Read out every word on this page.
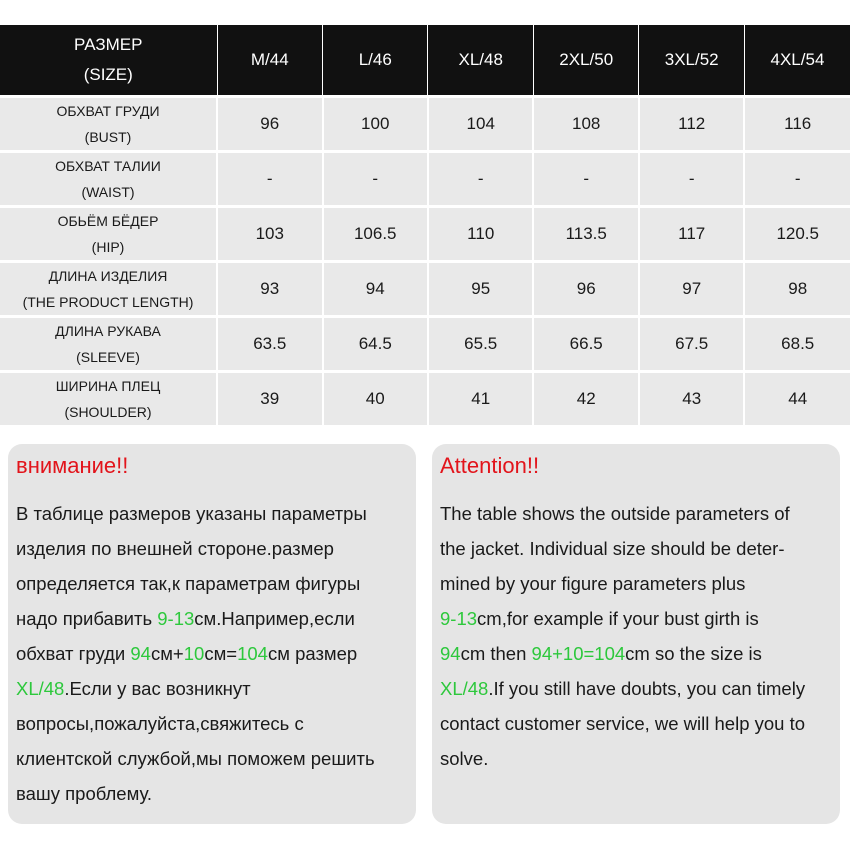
РАЗМЕР
(SIZE)	M/44	L/46	XL/48	2XL/50	3XL/52	4XL/54

ОБХВАТ ГРУДИ
(BUST)	96	100	104	108	112	116

ОБХВАТ ТАЛИИ
(WAIST)	-	-	-	-	-	-

ОБЬЁМ БЁДЕР
(HIP)	103	106.5	110	113.5	117	120.5

ДЛИНА ИЗДЕЛИЯ
(THE PRODUCT LENGTH)	93	94	95	96	97	98

ДЛИНА РУКАВА
(SLEEVE)	63.5	64.5	65.5	66.5	67.5	68.5

ШИРИНА ПЛЕЦ
(SHOULDER)	39	40	41	42	43	44
внимание!!
В таблице размеров указаны параметры
изделия по внешней стороне.размер
определяется так,к параметрам фигуры
надо прибавить 9-13см.Например,если
обхват груди 94см+10см=104см размер
XL/48.Если у вас возникнут
вопросы,пожалуйста,свяжитесь с
клиентской службой,мы поможем решить
вашу проблему.
Attention!!
The table shows the outside parameters of
the jacket. Individual size should be deter-
mined by your figure parameters plus
9-13cm,for example if your bust girth is
94cm then 94+10=104cm so the size is
XL/48.If you still have doubts, you can timely
contact customer service, we will help you to
solve.
